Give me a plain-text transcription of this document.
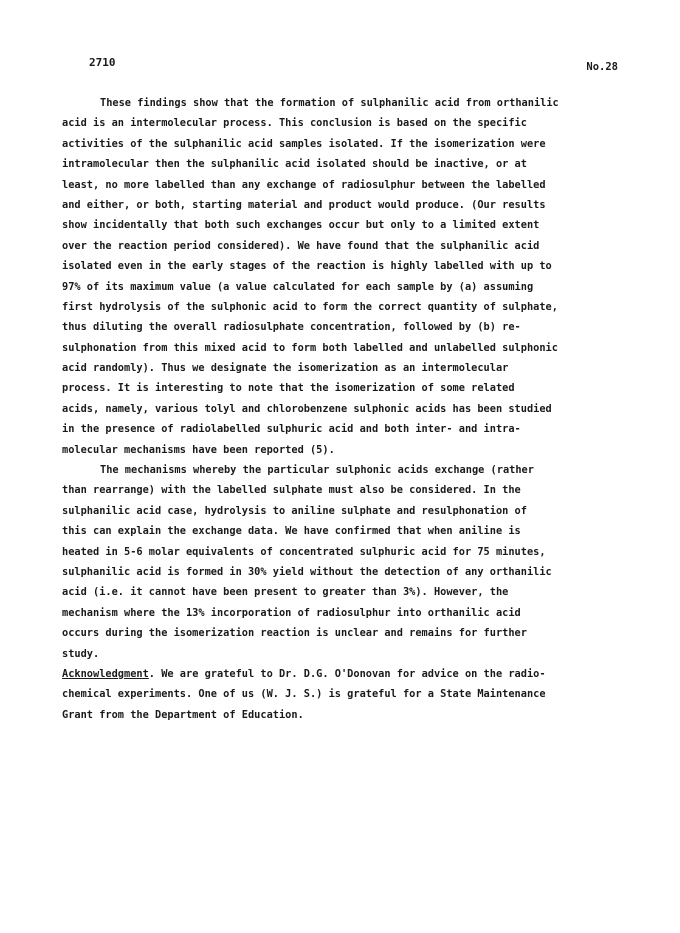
2710	No.28
These findings show that the formation of sulphanilic acid from orthanilic
acid is an intermolecular process. This conclusion is based on the specific
activities of the sulphanilic acid samples isolated. If the isomerization were
intramolecular then the sulphanilic acid isolated should be inactive, or at
least, no more labelled than any exchange of radiosulphur between the labelled
and either, or both, starting material and product would produce. (Our results
show incidentally that both such exchanges occur but only to a limited extent
over the reaction period considered). We have found that the sulphanilic acid
isolated even in the early stages of the reaction is highly labelled with up to
97% of its maximum value (a value calculated for each sample by (a) assuming
first hydrolysis of the sulphonic acid to form the correct quantity of sulphate,
thus diluting the overall radiosulphate concentration, followed by (b) re-
sulphonation from this mixed acid to form both labelled and unlabelled sulphonic
acid randomly). Thus we designate the isomerization as an intermolecular
process. It is interesting to note that the isomerization of some related
acids, namely, various tolyl and chlorobenzene sulphonic acids has been studied
in the presence of radiolabelled sulphuric acid and both inter- and intra-
molecular mechanisms have been reported (5).
The mechanisms whereby the particular sulphonic acids exchange (rather
than rearrange) with the labelled sulphate must also be considered. In the
sulphanilic acid case, hydrolysis to aniline sulphate and resulphonation of
this can explain the exchange data. We have confirmed that when aniline is
heated in 5-6 molar equivalents of concentrated sulphuric acid for 75 minutes,
sulphanilic acid is formed in 30% yield without the detection of any orthanilic
acid (i.e. it cannot have been present to greater than 3%). However, the
mechanism where the 13% incorporation of radiosulphur into orthanilic acid
occurs during the isomerization reaction is unclear and remains for further
study.
Acknowledgment. We are grateful to Dr. D.G. O'Donovan for advice on the radio-
chemical experiments. One of us (W. J. S.) is grateful for a State Maintenance
Grant from the Department of Education.
